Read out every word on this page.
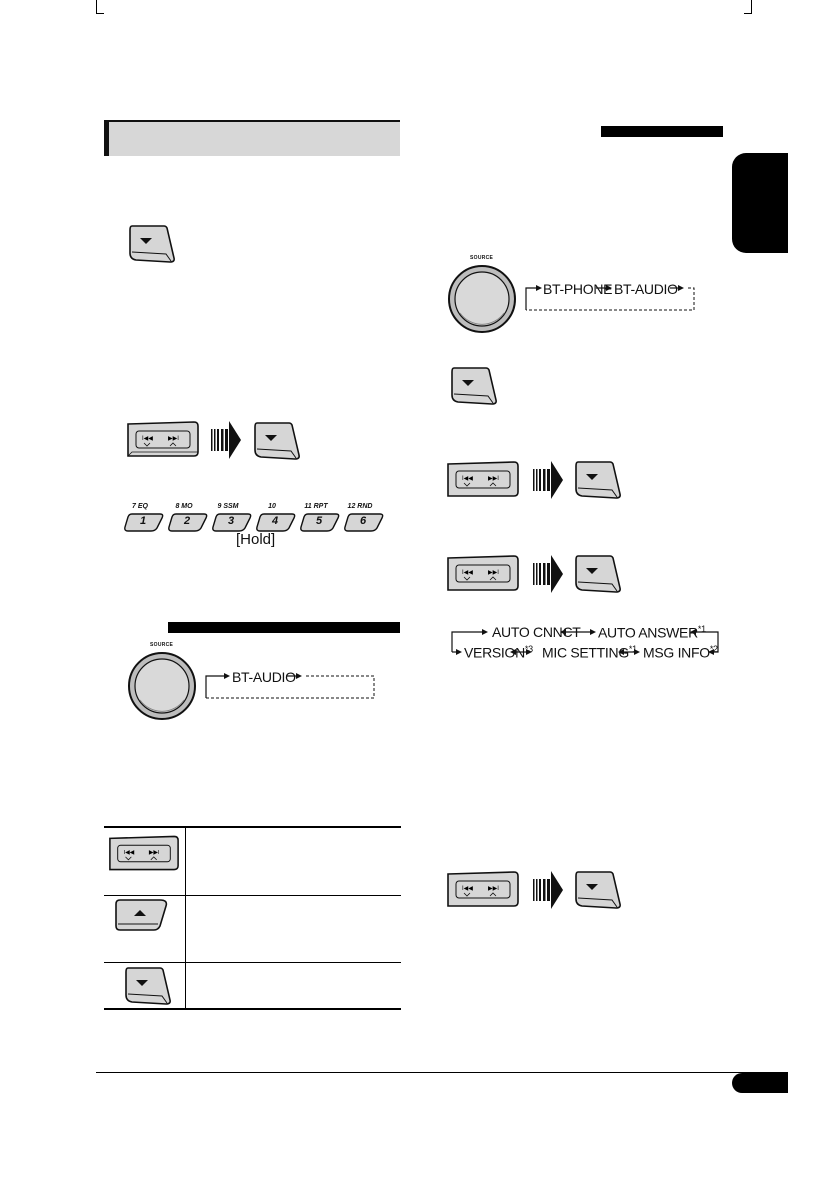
I◀◀	▶▶I
7 EQ
1
8 MO
2
9 SSM
3
10
4
11 RPT
5
12 RND
6
[Hold]
SOURCE
BT-AUDIO
I◀◀ ▶▶I
SOURCE
BT-PHONE BT-AUDIO
I◀◀	▶▶I
I◀◀	▶▶I
AUTO CNNCT AUTO ANSWER$^{*1}$
VERSION$^{*3}$ MIC SETTING$^{*1}$ MSG INFO$^{*2}$
I◀◀	▶▶I
